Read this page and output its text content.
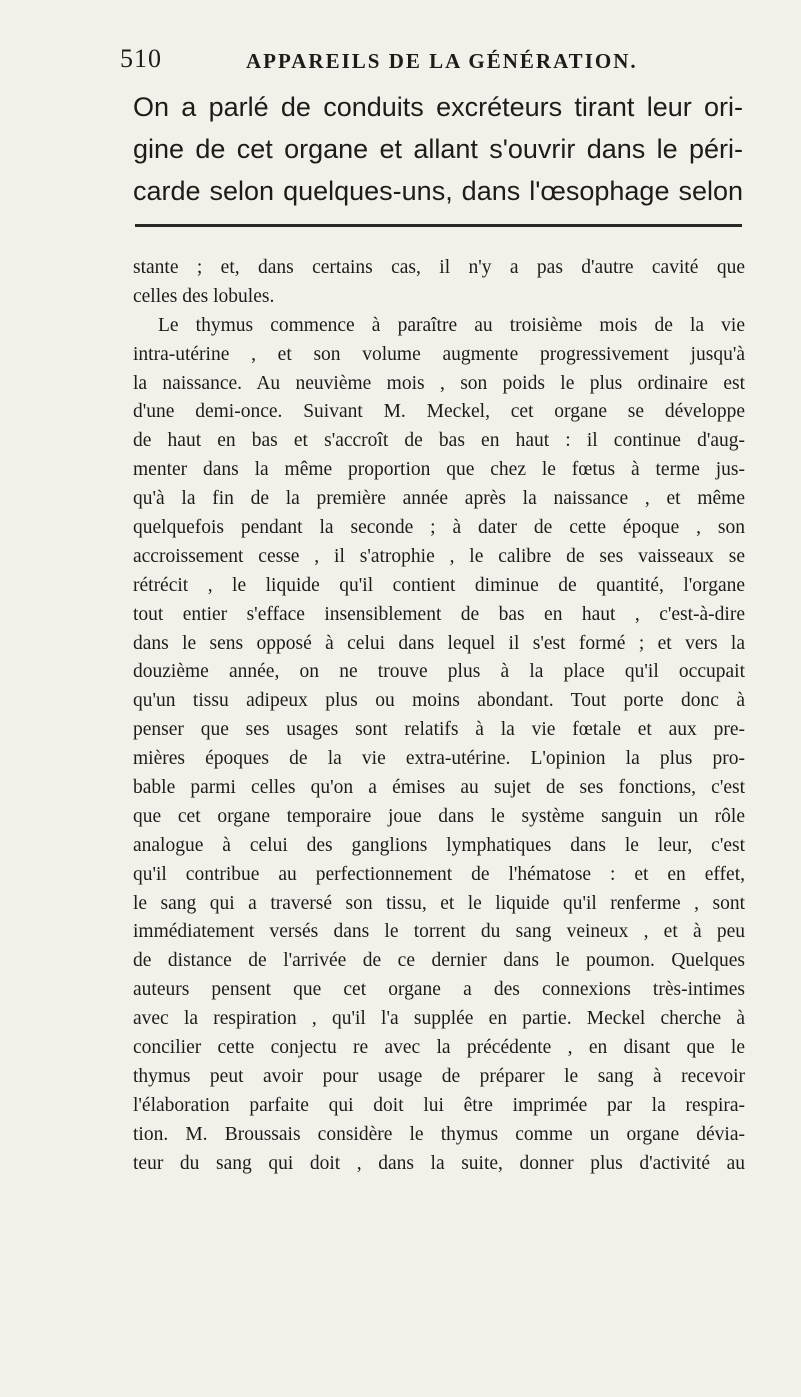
510	APPAREILS DE LA GÉNÉRATION.
On a parlé de conduits excréteurs tirant leur ori-
gine de cet organe et allant s'ouvrir dans le péri-
carde selon quelques-uns, dans l'œsophage selon
stante ; et, dans certains cas, il n'y a pas d'autre cavité que
celles des lobules.
Le thymus commence à paraître au troisième mois de la vie
intra-utérine , et son volume augmente progressivement jusqu'à
la naissance. Au neuvième mois , son poids le plus ordinaire est
d'une demi-once. Suivant M. Meckel, cet organe se développe
de haut en bas et s'accroît de bas en haut : il continue d'aug-
menter dans la même proportion que chez le fœtus à terme jus-
qu'à la fin de la première année après la naissance , et même
quelquefois pendant la seconde ; à dater de cette époque , son
accroissement cesse , il s'atrophie , le calibre de ses vaisseaux se
rétrécit , le liquide qu'il contient diminue de quantité, l'organe
tout entier s'efface insensiblement de bas en haut , c'est-à-dire
dans le sens opposé à celui dans lequel il s'est formé ; et vers la
douzième année, on ne trouve plus à la place qu'il occupait
qu'un tissu adipeux plus ou moins abondant. Tout porte donc à
penser que ses usages sont relatifs à la vie fœtale et aux pre-
mières époques de la vie extra-utérine. L'opinion la plus pro-
bable parmi celles qu'on a émises au sujet de ses fonctions, c'est
que cet organe temporaire joue dans le système sanguin un rôle
analogue à celui des ganglions lymphatiques dans le leur, c'est
qu'il contribue au perfectionnement de l'hématose : et en effet,
le sang qui a traversé son tissu, et le liquide qu'il renferme , sont
immédiatement versés dans le torrent du sang veineux , et à peu
de distance de l'arrivée de ce dernier dans le poumon. Quelques
auteurs pensent que cet organe a des connexions très-intimes
avec la respiration , qu'il l'a supplée en partie. Meckel cherche à
concilier cette conjectu re avec la précédente , en disant que le
thymus peut avoir pour usage de préparer le sang à recevoir
l'élaboration parfaite qui doit lui être imprimée par la respira-
tion. M. Broussais considère le thymus comme un organe dévia-
teur du sang qui doit , dans la suite, donner plus d'activité au
